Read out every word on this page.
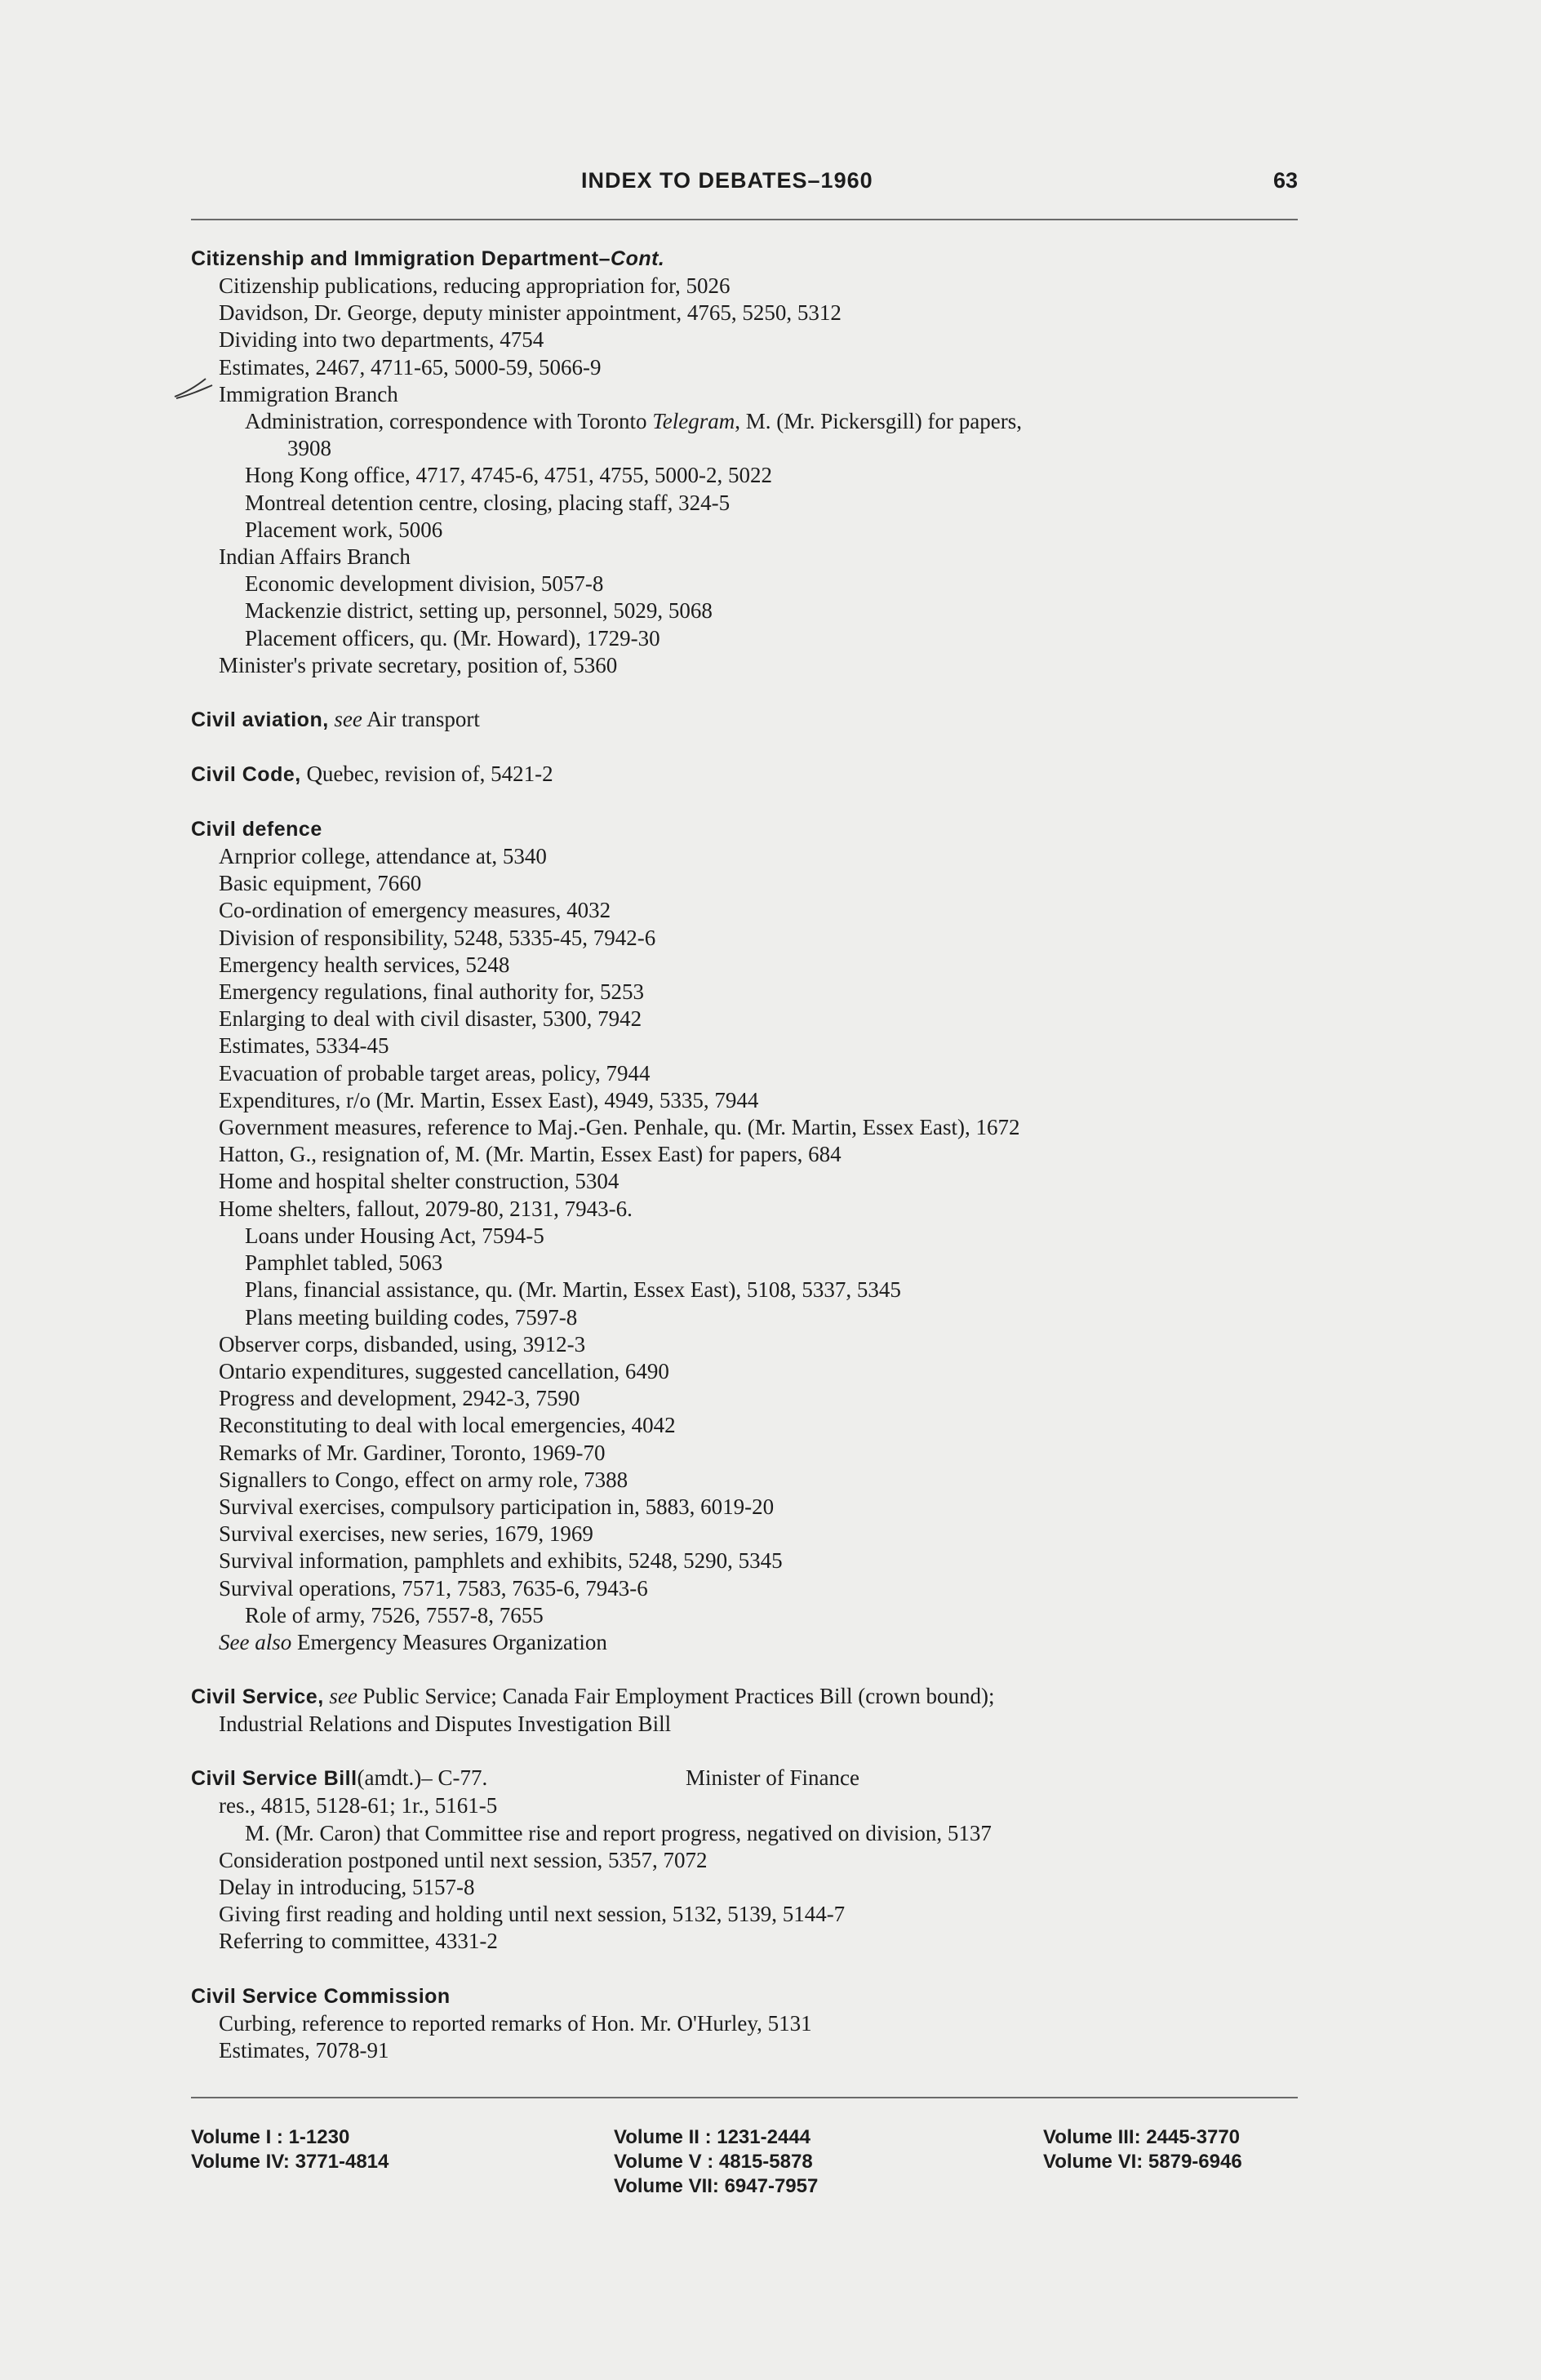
INDEX TO DEBATES–1960	63
Citizenship and Immigration Department–Cont.
Citizenship publications, reducing appropriation for, 5026
Davidson, Dr. George, deputy minister appointment, 4765, 5250, 5312
Dividing into two departments, 4754
Estimates, 2467, 4711-65, 5000-59, 5066-9
Immigration Branch
Administration, correspondence with Toronto Telegram, M. (Mr. Pickersgill) for papers,
3908
Hong Kong office, 4717, 4745-6, 4751, 4755, 5000-2, 5022
Montreal detention centre, closing, placing staff, 324-5
Placement work, 5006
Indian Affairs Branch
Economic development division, 5057-8
Mackenzie district, setting up, personnel, 5029, 5068
Placement officers, qu. (Mr. Howard), 1729-30
Minister's private secretary, position of, 5360
Civil aviation, see Air transport
Civil Code, Quebec, revision of, 5421-2
Civil defence
Arnprior college, attendance at, 5340
Basic equipment, 7660
Co-ordination of emergency measures, 4032
Division of responsibility, 5248, 5335-45, 7942-6
Emergency health services, 5248
Emergency regulations, final authority for, 5253
Enlarging to deal with civil disaster, 5300, 7942
Estimates, 5334-45
Evacuation of probable target areas, policy, 7944
Expenditures, r/o (Mr. Martin, Essex East), 4949, 5335, 7944
Government measures, reference to Maj.-Gen. Penhale, qu. (Mr. Martin, Essex East), 1672
Hatton, G., resignation of, M. (Mr. Martin, Essex East) for papers, 684
Home and hospital shelter construction, 5304
Home shelters, fallout, 2079-80, 2131, 7943-6.
Loans under Housing Act, 7594-5
Pamphlet tabled, 5063
Plans, financial assistance, qu. (Mr. Martin, Essex East), 5108, 5337, 5345
Plans meeting building codes, 7597-8
Observer corps, disbanded, using, 3912-3
Ontario expenditures, suggested cancellation, 6490
Progress and development, 2942-3, 7590
Reconstituting to deal with local emergencies, 4042
Remarks of Mr. Gardiner, Toronto, 1969-70
Signallers to Congo, effect on army role, 7388
Survival exercises, compulsory participation in, 5883, 6019-20
Survival exercises, new series, 1679, 1969
Survival information, pamphlets and exhibits, 5248, 5290, 5345
Survival operations, 7571, 7583, 7635-6, 7943-6
Role of army, 7526, 7557-8, 7655
See also Emergency Measures Organization
Civil Service, see Public Service; Canada Fair Employment Practices Bill (crown bound);
Industrial Relations and Disputes Investigation Bill
Civil Service Bill(amdt.)– C-77.	Minister of Finance
res., 4815, 5128-61; 1r., 5161-5
M. (Mr. Caron) that Committee rise and report progress, negatived on division, 5137
Consideration postponed until next session, 5357, 7072
Delay in introducing, 5157-8
Giving first reading and holding until next session, 5132, 5139, 5144-7
Referring to committee, 4331-2
Civil Service Commission
Curbing, reference to reported remarks of Hon. Mr. O'Hurley, 5131
Estimates, 7078-91
Volume I : 1-1230
Volume IV: 3771-4814
Volume II : 1231-2444
Volume V : 4815-5878
Volume VII: 6947-7957
Volume III: 2445-3770
Volume VI: 5879-6946
